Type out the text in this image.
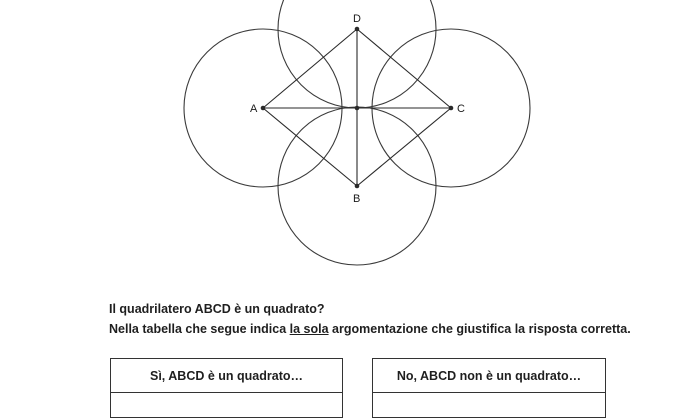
A	C
D
B
Il quadrilatero ABCD è un quadrato?
Nella tabella che segue indica la sola argomentazione che giustifica la risposta corretta.
Sì, ABCD è un quadrato…	No, ABCD non è un quadrato…
